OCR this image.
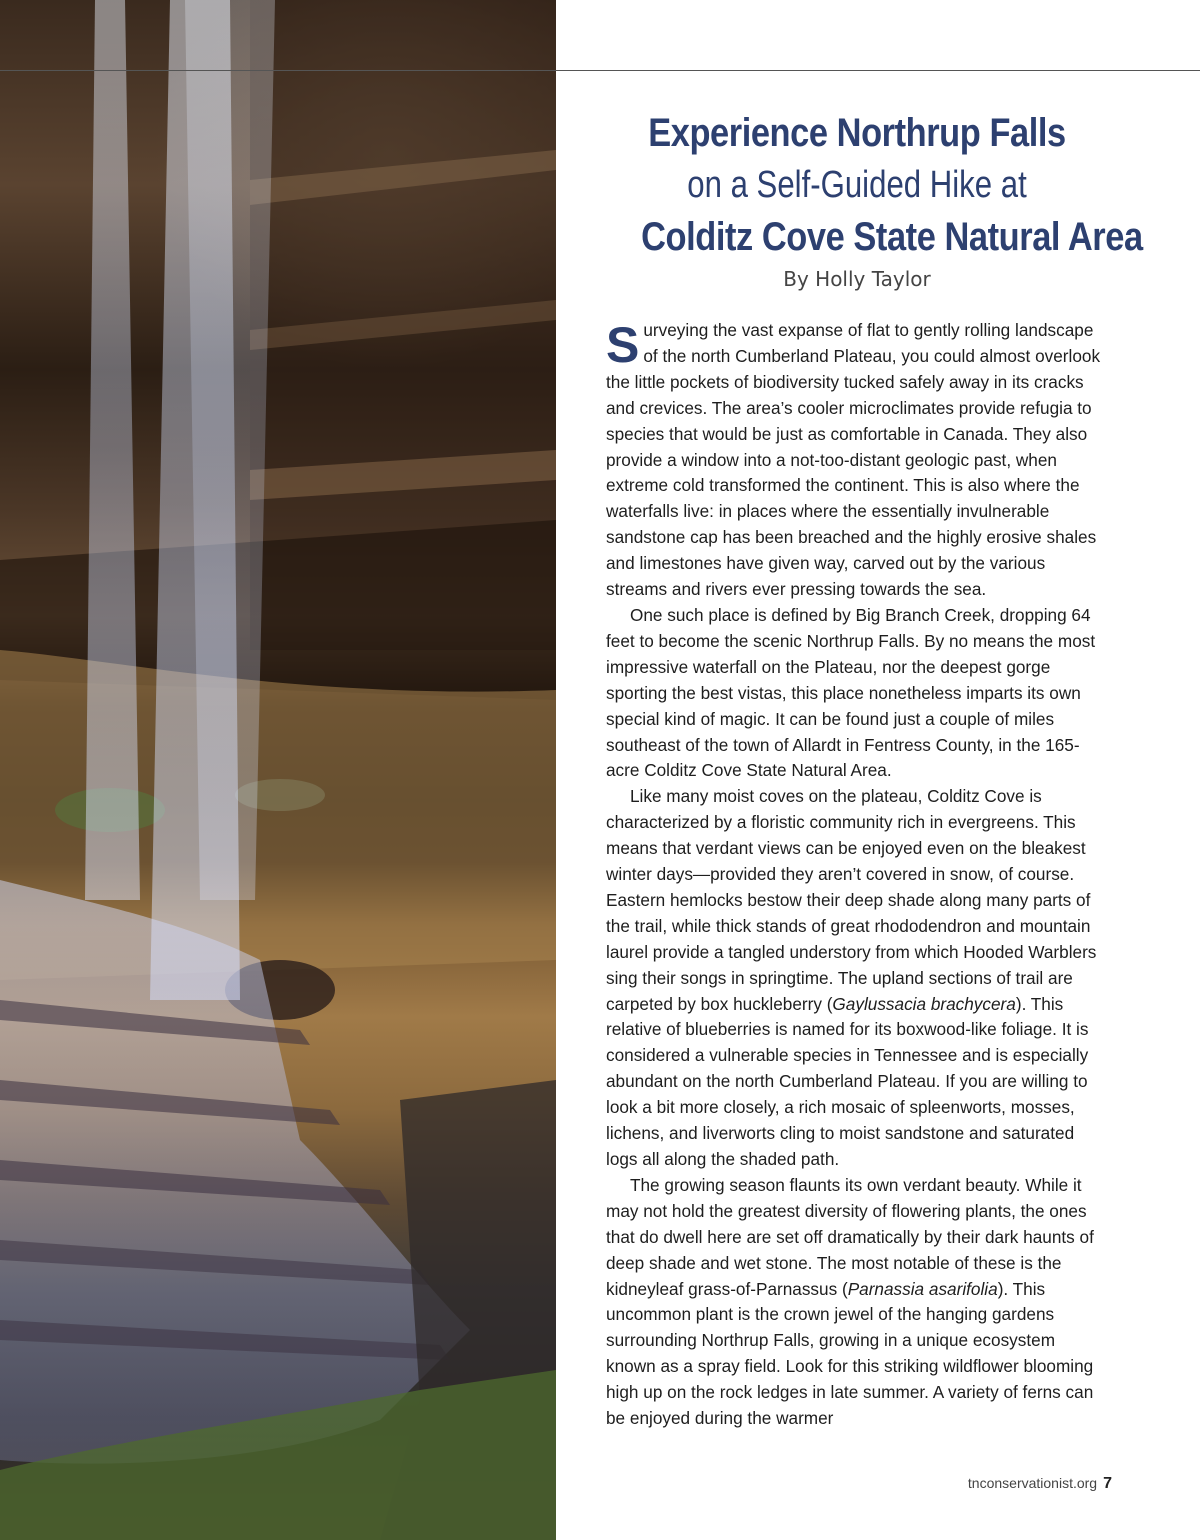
Experience Northrup Falls
on a Self-Guided Hike at
Colditz Cove State Natural Area
By Holly Taylor

Surveying the vast expanse of flat to gently rolling landscape of the north Cumberland Plateau, you could almost overlook the little pockets of biodiversity tucked safely away in its cracks and crevices. The area’s cooler microclimates provide refugia to species that would be just as comfortable in Canada. They also provide a window into a not-too-distant geologic past, when extreme cold transformed the continent. This is also where the waterfalls live: in places where the essentially invulnerable sandstone cap has been breached and the highly erosive shales and limestones have given way, carved out by the various streams and rivers ever pressing towards the sea.

One such place is defined by Big Branch Creek, dropping 64 feet to become the scenic Northrup Falls. By no means the most impressive waterfall on the Plateau, nor the deepest gorge sporting the best vistas, this place nonetheless imparts its own special kind of magic. It can be found just a couple of miles southeast of the town of Allardt in Fentress County, in the 165-acre Colditz Cove State Natural Area.

Like many moist coves on the plateau, Colditz Cove is characterized by a floristic community rich in evergreens. This means that verdant views can be enjoyed even on the bleakest winter days—provided they aren’t covered in snow, of course. Eastern hemlocks bestow their deep shade along many parts of the trail, while thick stands of great rhododendron and mountain laurel provide a tangled understory from which Hooded Warblers sing their songs in springtime. The upland sections of trail are carpeted by box huckleberry (Gaylussacia brachycera). This relative of blueberries is named for its boxwood-like foliage. It is considered a vulnerable species in Tennessee and is especially abundant on the north Cumberland Plateau. If you are willing to look a bit more closely, a rich mosaic of spleenworts, mosses, lichens, and liverworts cling to moist sandstone and saturated logs all along the shaded path.

The growing season flaunts its own verdant beauty. While it may not hold the greatest diversity of flowering plants, the ones that do dwell here are set off dramatically by their dark haunts of deep shade and wet stone. The most notable of these is the kidneyleaf grass-of-Parnassus (Parnassia asarifolia). This uncommon plant is the crown jewel of the hanging gardens surrounding Northrup Falls, growing in a unique ecosystem known as a spray field. Look for this striking wildflower blooming high up on the rock ledges in late summer. A variety of ferns can be enjoyed during the warmer

tnconservationist.org 7
